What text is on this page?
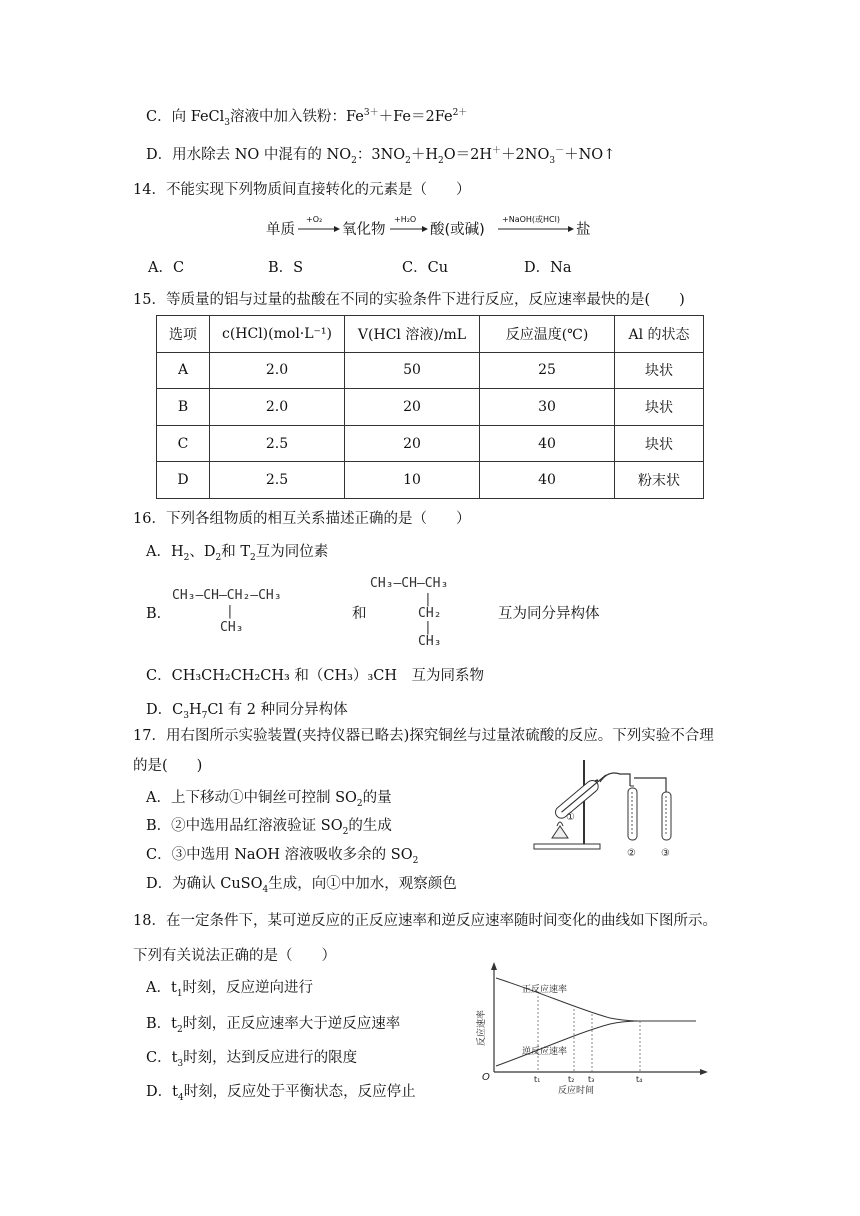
C．向 FeCl$_3$溶液中加入铁粉：$Fe^{3+}+Fe=2Fe^{2+}$
D．用水除去 NO 中混有的 $NO_2$：$3NO_2+H_2O=2H^++2NO_3^-+NO↑$
14．不能实现下列物质间直接转化的元素是（　　）
单质
+O₂
氧化物
+H₂O
酸(或碱)
+NaOH(或HCl)
盐
A．C	B．S	C．Cu	D．Na
15．等质量的铝与过量的盐酸在不同的实验条件下进行反应，反应速率最快的是(　　)
选项	c(HCl)(mol·L⁻¹)	V(HCl 溶液)/mL	反应温度(℃)	Al 的状态
A	2.0	50	25	块状
B	2.0	20	30	块状
C	2.5	20	40	块状
D	2.5	10	40	粉末状
16．下列各组物质的相互关系描述正确的是（　　）
A．$H_2$、$D_2$和 $T_2$互为同位素
B．
CH₃—CH—CH₂—CH₃
|
CH₃
和
CH₃—CH—CH₃
|
CH₂
|
CH₃
互为同分异构体
C．CH₃CH₂CH₂CH₃ 和（CH₃）₃CH　互为同系物
D．$C_3H_7Cl$ 有 2 种同分异构体
17．用右图所示实验装置(夹持仪器已略去)探究铜丝与过量浓硫酸的反应。下列实验不合理
的是(　　)
A．上下移动①中铜丝可控制 $SO_2$的量
B．②中选用品红溶液验证 $SO_2$的生成
C．③中选用 NaOH 溶液吸收多余的 $SO_2$
D．为确认 CuSO$_4$生成，向①中加水，观察颜色
①
②	③
18．在一定条件下，某可逆反应的正反应速率和逆反应速率随时间变化的曲线如下图所示。
下列有关说法正确的是（　　）
A．$t_1$时刻，反应逆向进行
B．$t_2$时刻，正反应速率大于逆反应速率
C．$t_3$时刻，达到反应进行的限度
D．$t_4$时刻，反应处于平衡状态，反应停止
O	t₁	t₂ t₃	t₄
反应时间
反应速率
正反应速率
逆反应速率
